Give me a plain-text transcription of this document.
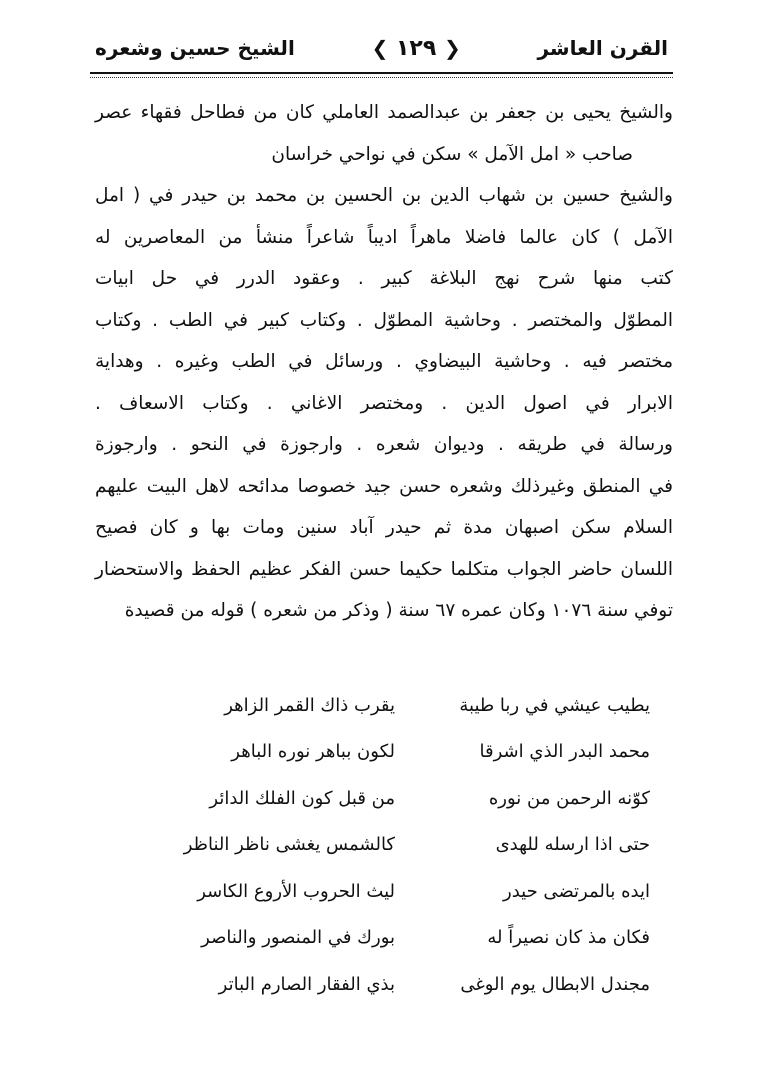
القرن العاشر
❮ ١٢٩ ❯
الشيخ حسين وشعره
والشيخ يحيى بن جعفر بن عبدالصمد العاملي كان من فطاحل فقهاء عصر
صاحب « امل الآمل » سكن في نواحي خراسان
والشيخ حسين بن شهاب الدين بن الحسين بن محمد بن حيدر في ( امل
الآمل ) كان عالما فاضلا ماهراً اديباً شاعراً منشأ من المعاصرين له
كتب منها شرح نهج البلاغة كبير . وعقود الدرر في حل ابيات
المطوّل والمختصر . وحاشية المطوّل . وكتاب كبير في الطب . وكتاب
مختصر فيه . وحاشية البيضاوي . ورسائل في الطب وغيره . وهداية
الابرار في اصول الدين . ومختصر الاغاني . وكتاب الاسعاف .
ورسالة في طريقه . وديوان شعره . وارجوزة في النحو . وارجوزة
في المنطق وغيرذلك وشعره حسن جيد خصوصا مدائحه لاهل البيت عليهم
السلام سكن اصبهان مدة ثم حيدر آباد سنين ومات بها و كان فصيح
اللسان حاضر الجواب متكلما حكيما حسن الفكر عظيم الحفظ والاستحضار
توفي سنة ١٠٧٦ وكان عمره ٦٧ سنة ( وذكر من شعره ) قوله من قصيدة
يطيب عيشي في ربا طيبة
يقرب ذاك القمر الزاهر
محمد البدر الذي اشرقا
لكون بباهر نوره الباهر
كوّنه الرحمن من نوره
من قبل كون الفلك الدائر
حتى اذا ارسله للهدى
كالشمس يغشى ناظر الناظر
ايده بالمرتضى حيدر
ليث الحروب الأروع الكاسر
فكان مذ كان نصيراً له
بورك في المنصور والناصر
مجندل الابطال يوم الوغى
بذي الفقار الصارم الباتر
